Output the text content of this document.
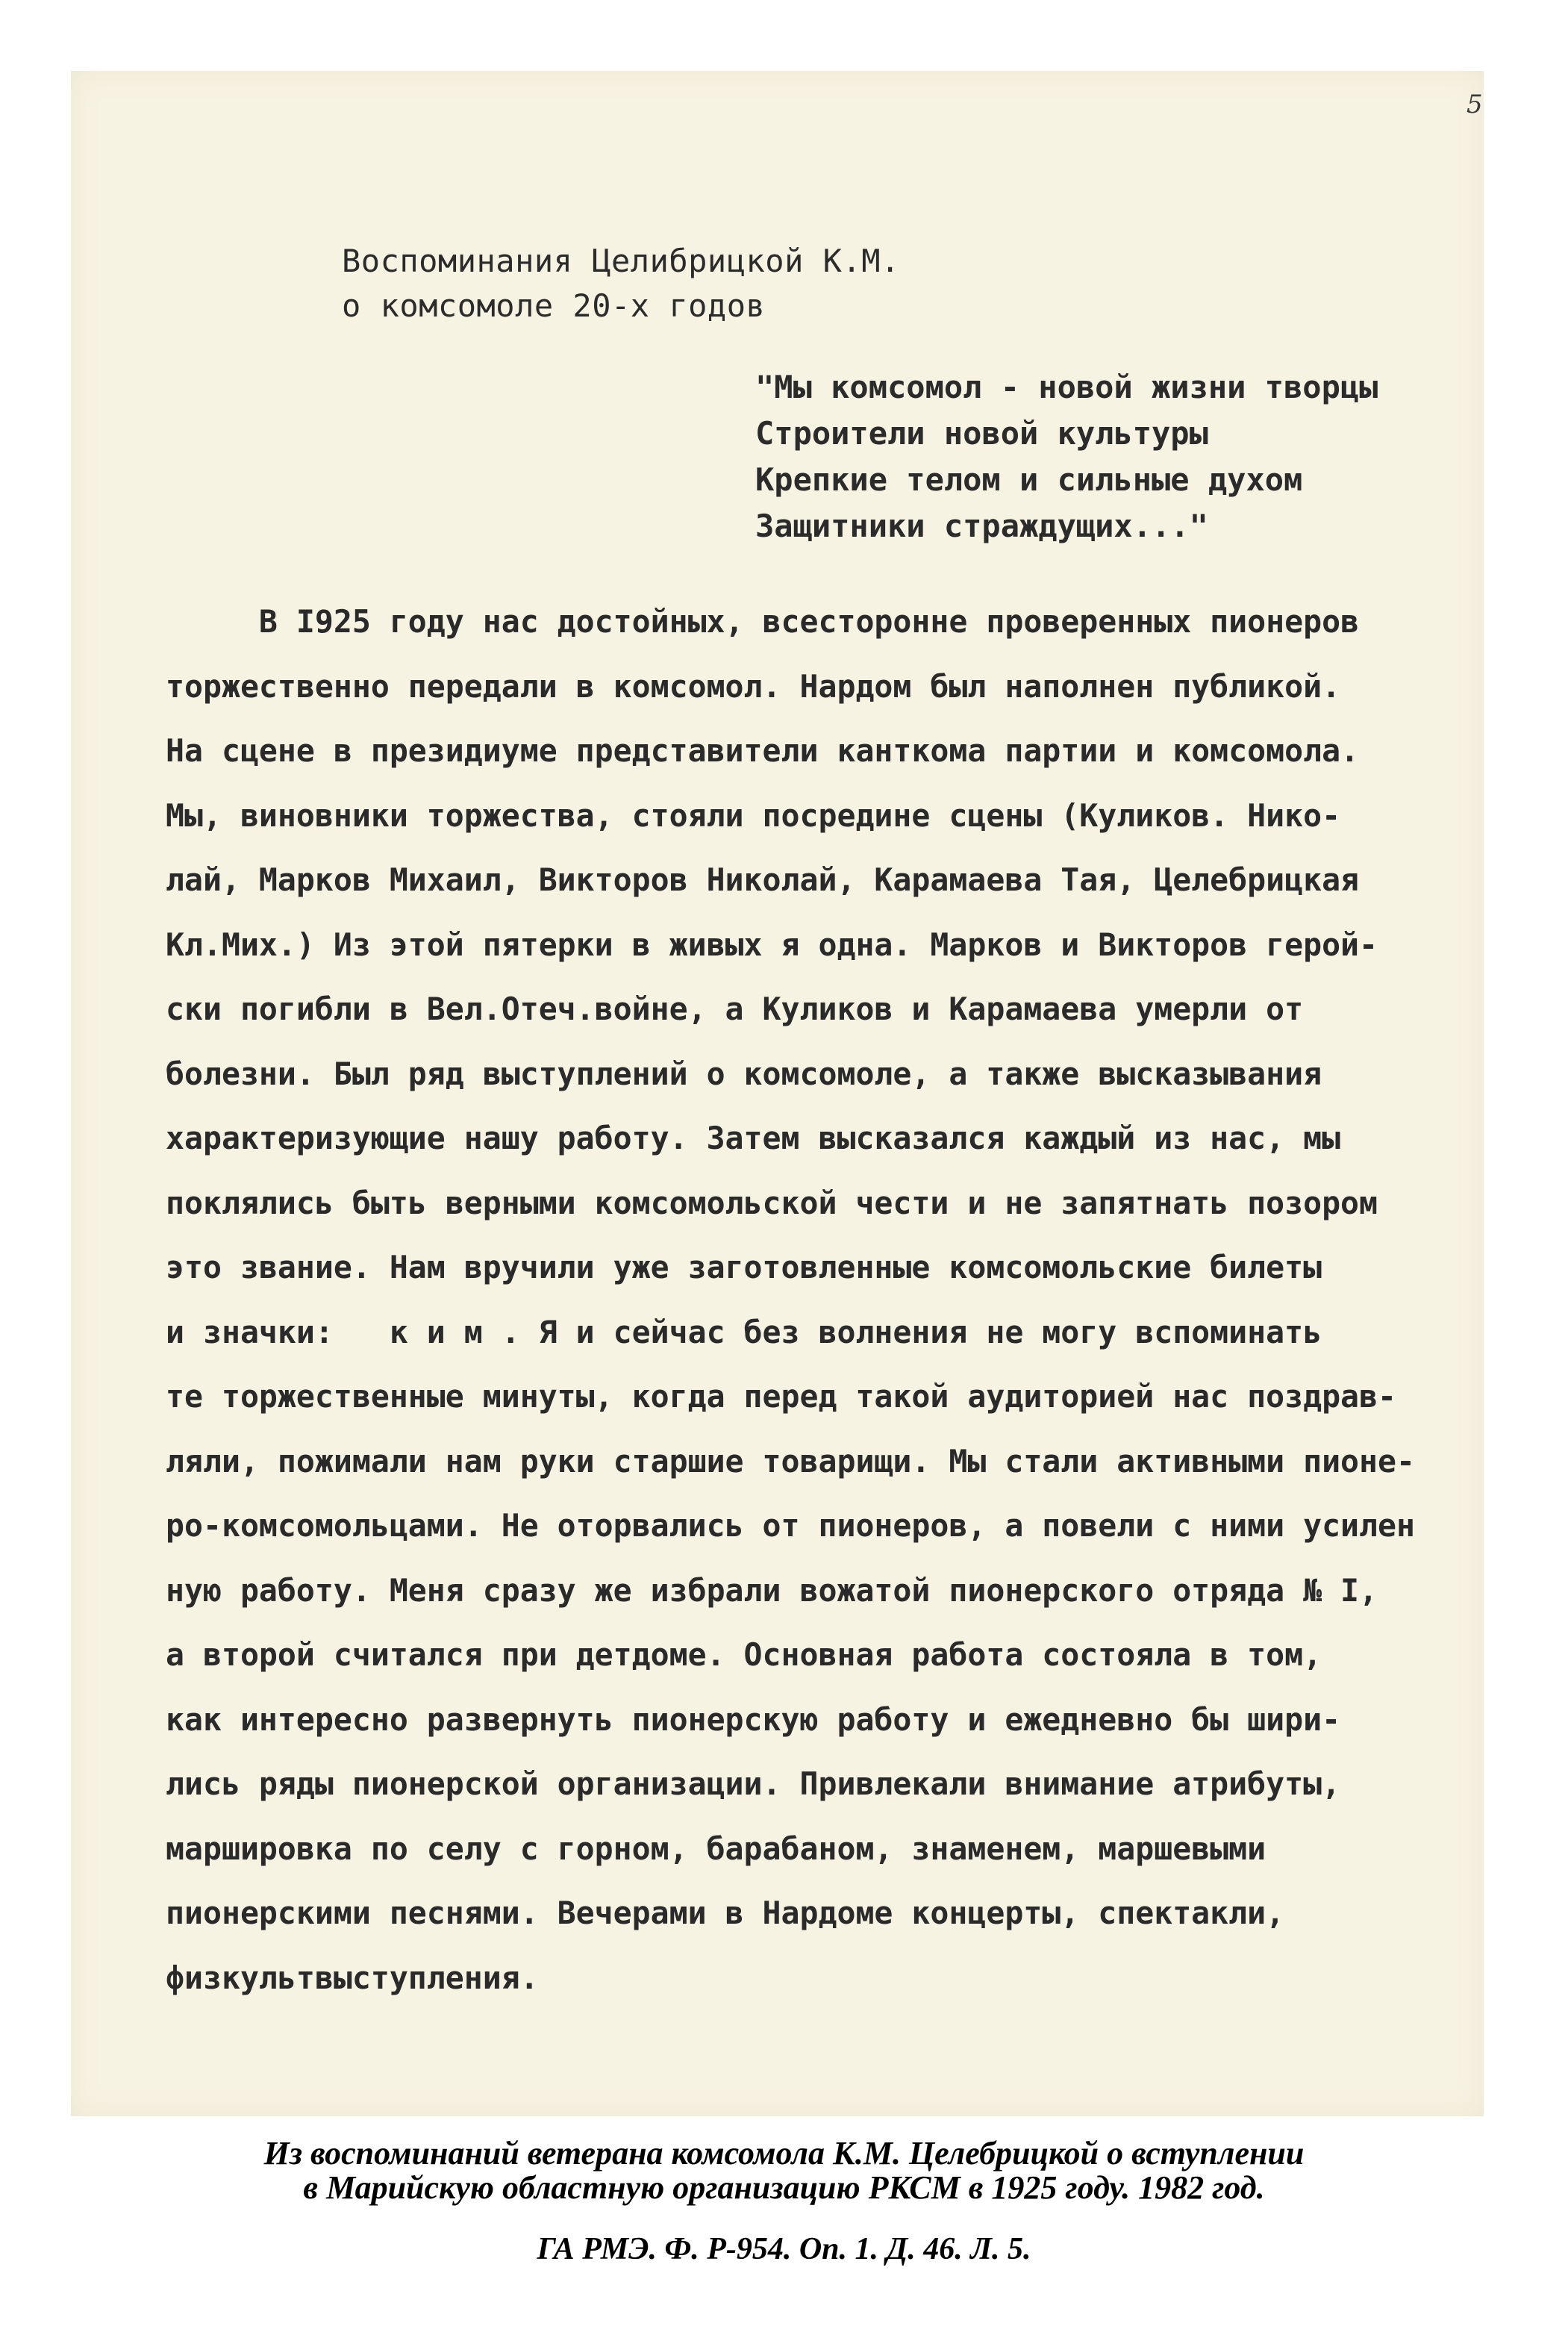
5
Воспоминания Целибрицкой К.М.
о комсомоле 20-х годов
"Мы комсомол - новой жизни творцы
Строители новой культуры
Крепкие телом и сильные духом
Защитники страждущих..."
В I925 году нас достойных, всесторонне проверенных пионеров
торжественно передали в комсомол. Нардом был наполнен публикой.
На сцене в президиуме представители канткома партии и комсомола.
Мы, виновники торжества, стояли посредине сцены (Куликов. Нико-
лай, Марков Михаил, Викторов Николай, Карамаева Тая, Целебрицкая
Кл.Мих.) Из этой пятерки в живых я одна. Марков и Викторов герой-
ски погибли в Вел.Отеч.войне, а Куликов и Карамаева умерли от
болезни. Был ряд выступлений о комсомоле, а также высказывания
характеризующие нашу работу. Затем высказался каждый из нас, мы
поклялись быть верными комсомольской чести и не запятнать позором
это звание. Нам вручили уже заготовленные комсомольские билеты
и значки:   к и м . Я и сейчас без волнения не могу вспоминать
те торжественные минуты, когда перед такой аудиторией нас поздрав-
ляли, пожимали нам руки старшие товарищи. Мы стали активными пионе-
ро-комсомольцами. Не оторвались от пионеров, а повели с ними усилен
ную работу. Меня сразу же избрали вожатой пионерского отряда № I,
а второй считался при детдоме. Основная работа состояла в том,
как интересно развернуть пионерскую работу и ежедневно бы шири-
лись ряды пионерской организации. Привлекали внимание атрибуты,
маршировка по селу с горном, барабаном, знаменем, маршевыми
пионерскими песнями. Вечерами в Нардоме концерты, спектакли,
физкультвыступления.
Из воспоминаний ветерана комсомола К.М. Целебрицкой о вступлении
в Марийскую областную организацию РКСМ в 1925 году. 1982 год.
ГА РМЭ. Ф. Р-954. Оп. 1. Д. 46. Л. 5.
